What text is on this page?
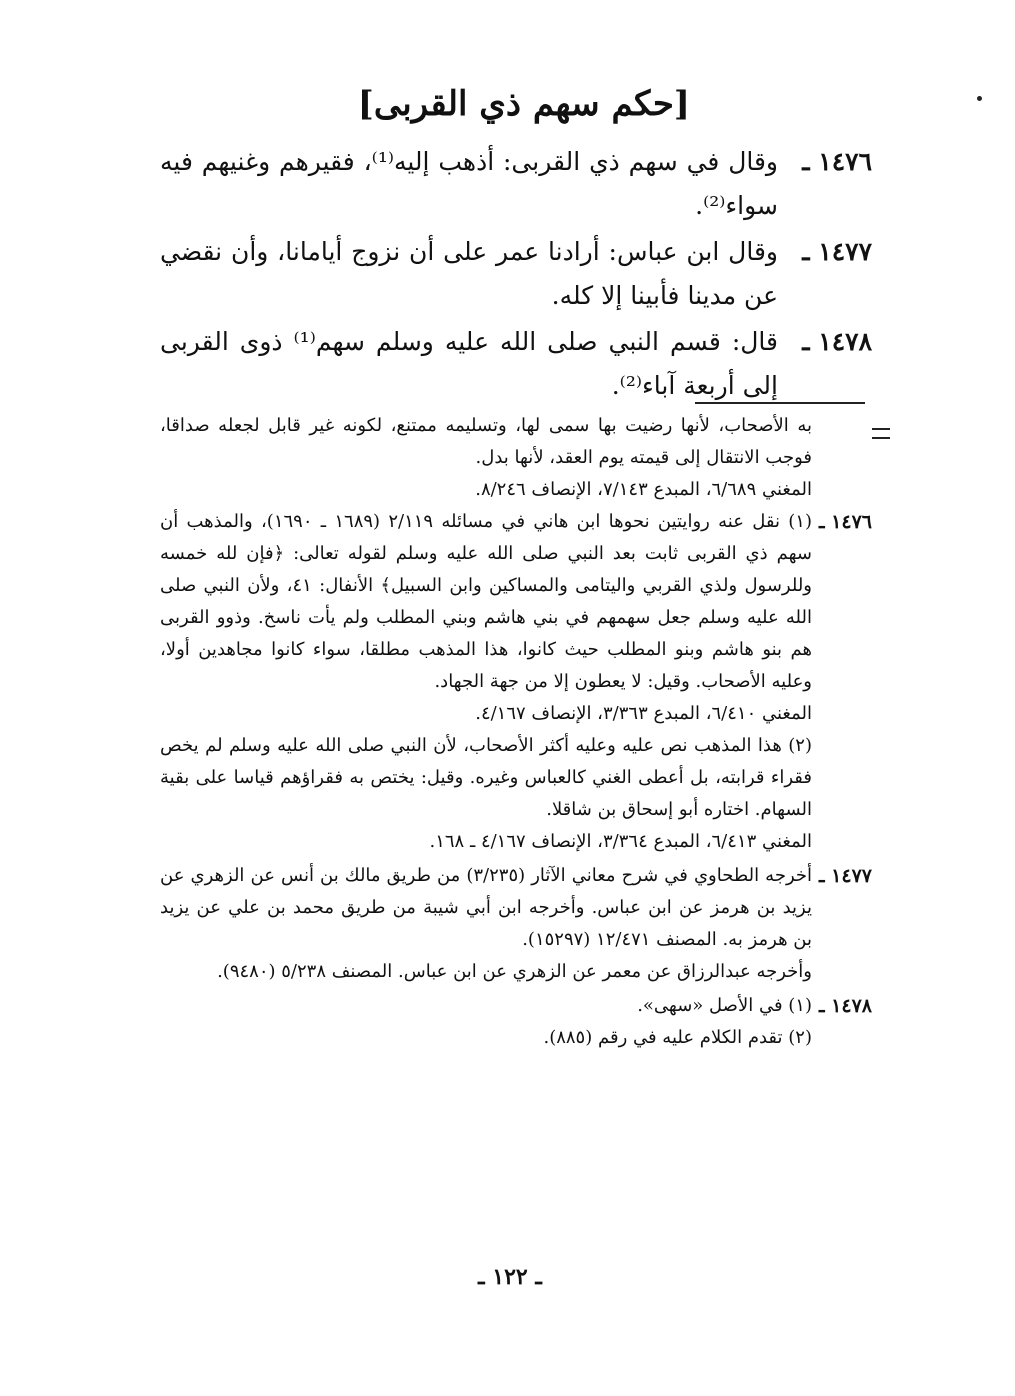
[حكم سهم ذي القربى]
١٤٧٦ ـ
وقال في سهم ذي القربى: أذهب إليه⁽¹⁾، فقيرهم وغنيهم فيه سواء⁽²⁾.
١٤٧٧ ـ
وقال ابن عباس: أرادنا عمر على أن نزوج أيامانا، وأن نقضي عن مدينا فأبينا إلا كله.
١٤٧٨ ـ
قال: قسم النبي صلى الله عليه وسلم سهم⁽¹⁾ ذوى القربى إلى أربعة آباء⁽²⁾.

به الأصحاب، لأنها رضيت بها سمى لها، وتسليمه ممتنع، لكونه غير قابل لجعله صداقا، فوجب الانتقال إلى قيمته يوم العقد، لأنها بدل.

المغني ٦/٦٨٩، المبدع ٧/١٤٣، الإنصاف ٨/٢٤٦.

١٤٧٦ ـ

(١) نقل عنه روايتين نحوها ابن هاني في مسائله ٢/١١٩ (١٦٨٩ ـ ١٦٩٠)، والمذهب أن سهم ذي القربى ثابت بعد النبي صلى الله عليه وسلم لقوله تعالى: ﴿فإن لله خمسه وللرسول ولذي القربي واليتامى والمساكين وابن السبيل﴾ الأنفال: ٤١، ولأن النبي صلى الله عليه وسلم جعل سهمهم في بني هاشم وبني المطلب ولم يأت ناسخ. وذوو القربى هم بنو هاشم وبنو المطلب حيث كانوا، هذا المذهب مطلقا، سواء كانوا مجاهدين أولا، وعليه الأصحاب. وقيل: لا يعطون إلا من جهة الجهاد.

المغني ٦/٤١٠، المبدع ٣/٣٦٣، الإنصاف ٤/١٦٧.

(٢) هذا المذهب نص عليه وعليه أكثر الأصحاب، لأن النبي صلى الله عليه وسلم لم يخص فقراء قرابته، بل أعطى الغني كالعباس وغيره. وقيل: يختص به فقراؤهم قياسا على بقية السهام. اختاره أبو إسحاق بن شاقلا.

المغني ٦/٤١٣، المبدع ٣/٣٦٤، الإنصاف ٤/١٦٧ ـ ١٦٨.

١٤٧٧ ـ

أخرجه الطحاوي في شرح معاني الآثار (٣/٢٣٥) من طريق مالك بن أنس عن الزهري عن يزيد بن هرمز عن ابن عباس. وأخرجه ابن أبي شيبة من طريق محمد بن علي عن يزيد بن هرمز به. المصنف ١٢/٤٧١ (١٥٢٩٧).

وأخرجه عبدالرزاق عن معمر عن الزهري عن ابن عباس. المصنف ٥/٢٣٨ (٩٤٨٠).

١٤٧٨ ـ

(١) في الأصل «سهى».

(٢) تقدم الكلام عليه في رقم (٨٨٥).

ـ ١٢٢ ـ
